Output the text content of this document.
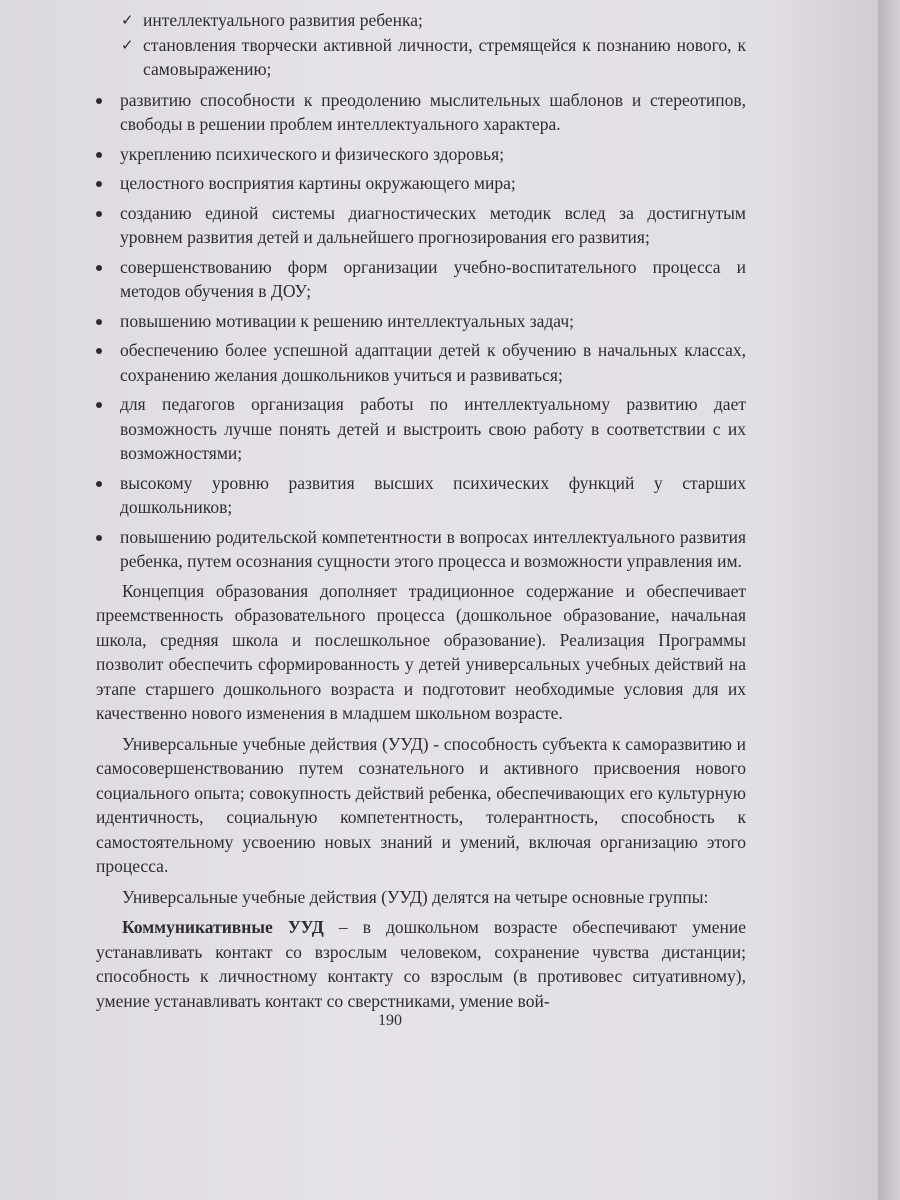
✓ интеллектуального развития ребенка;
✓ становления творчески активной личности, стремящейся к познанию нового, к самовыражению;
развитию способности к преодолению мыслительных шаблонов и стереотипов, свободы в решении проблем интеллектуального характера.
укреплению психического и физического здоровья;
целостного восприятия картины окружающего мира;
созданию единой системы диагностических методик вслед за достигнутым уровнем развития детей и дальнейшего прогнозирования его развития;
совершенствованию форм организации учебно-воспитательного процесса и методов обучения в ДОУ;
повышению мотивации к решению интеллектуальных задач;
обеспечению более успешной адаптации детей к обучению в начальных классах, сохранению желания дошкольников учиться и развиваться;
для педагогов организация работы по интеллектуальному развитию дает возможность лучше понять детей и выстроить свою работу в соответствии с их возможностями;
высокому уровню развития высших психических функций у старших дошкольников;
повышению родительской компетентности в вопросах интеллектуального развития ребенка, путем осознания сущности этого процесса и возможности управления им.

Концепция образования дополняет традиционное содержание и обеспечивает преемственность образовательного процесса (дошкольное образование, начальная школа, средняя школа и послешкольное образование). Реализация Программы позволит обеспечить сформированность у детей универсальных учебных действий на этапе старшего дошкольного возраста и подготовит необходимые условия для их качественно нового изменения в младшем школьном возрасте.

Универсальные учебные действия (УУД) - способность субъекта к саморазвитию и самосовершенствованию путем сознательного и активного присвоения нового социального опыта; совокупность действий ребенка, обеспечивающих его культурную идентичность, социальную компетентность, толерантность, способность к самостоятельному усвоению новых знаний и умений, включая организацию этого процесса.

Универсальные учебные действия (УУД) делятся на четыре основные группы:

Коммуникативные УУД – в дошкольном возрасте обеспечивают умение устанавливать контакт со взрослым человеком, сохранение чувства дистанции; способность к личностному контакту со взрослым (в противовес ситуативному), умение устанавливать контакт со сверстниками, умение вой-

190
